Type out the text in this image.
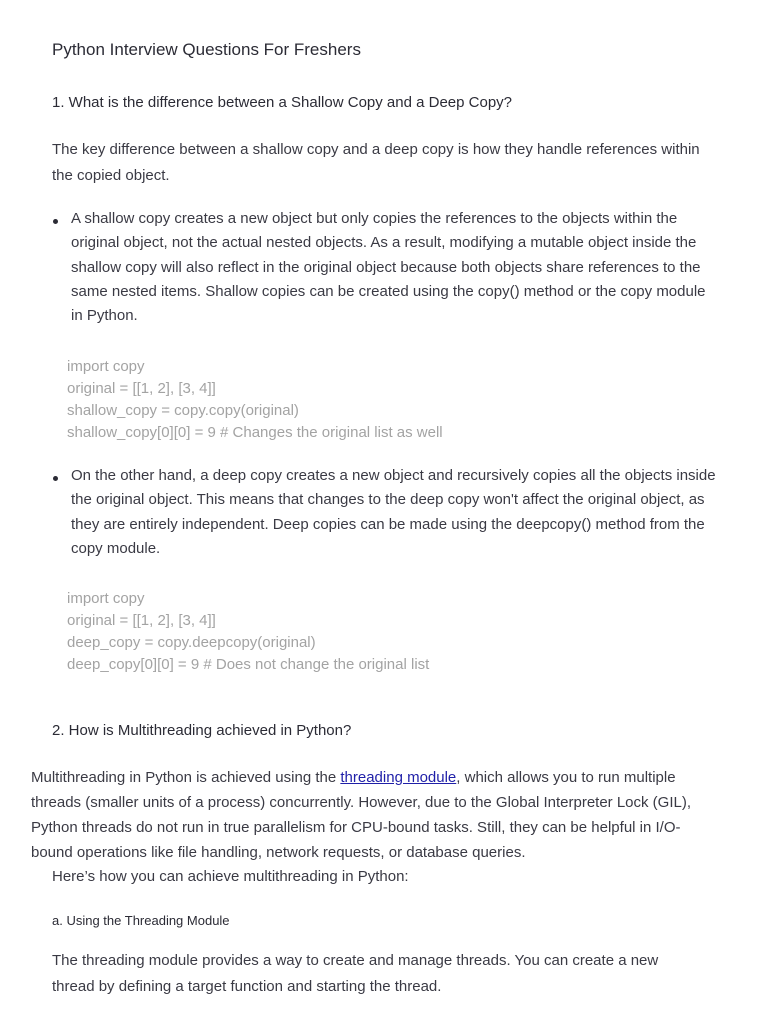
Python Interview Questions For Freshers
1. What is the difference between a Shallow Copy and a Deep Copy?
The key difference between a shallow copy and a deep copy is how they handle references within the copied object.
A shallow copy creates a new object but only copies the references to the objects within the original object, not the actual nested objects. As a result, modifying a mutable object inside the shallow copy will also reﬂect in the original object because both objects share references to the same nested items. Shallow copies can be created using the copy() method or the copy module in Python.
import copy
original = [[1, 2], [3, 4]]
shallow_copy = copy.copy(original)
shallow_copy[0][0] = 9 # Changes the original list as well
On the other hand, a deep copy creates a new object and recursively copies all the objects inside the original object. This means that changes to the deep copy won't affect the original object, as they are entirely independent. Deep copies can be made using the deepcopy() method from the copy module.
import copy
original = [[1, 2], [3, 4]]
deep_copy = copy.deepcopy(original)
deep_copy[0][0] = 9 # Does not change the original list
2. How is Multithreading achieved in Python?
Multithreading in Python is achieved using the threading module, which allows you to run multiple threads (smaller units of a process) concurrently. However, due to the Global Interpreter Lock (GIL), Python threads do not run in true parallelism for CPU-bound tasks. Still, they can be helpful in I/O-bound operations like ﬁle handling, network requests, or database queries.
Here’s how you can achieve multithreading in Python:
a. Using the Threading Module
The threading module provides a way to create and manage threads. You can create a new thread by deﬁning a target function and starting the thread.
